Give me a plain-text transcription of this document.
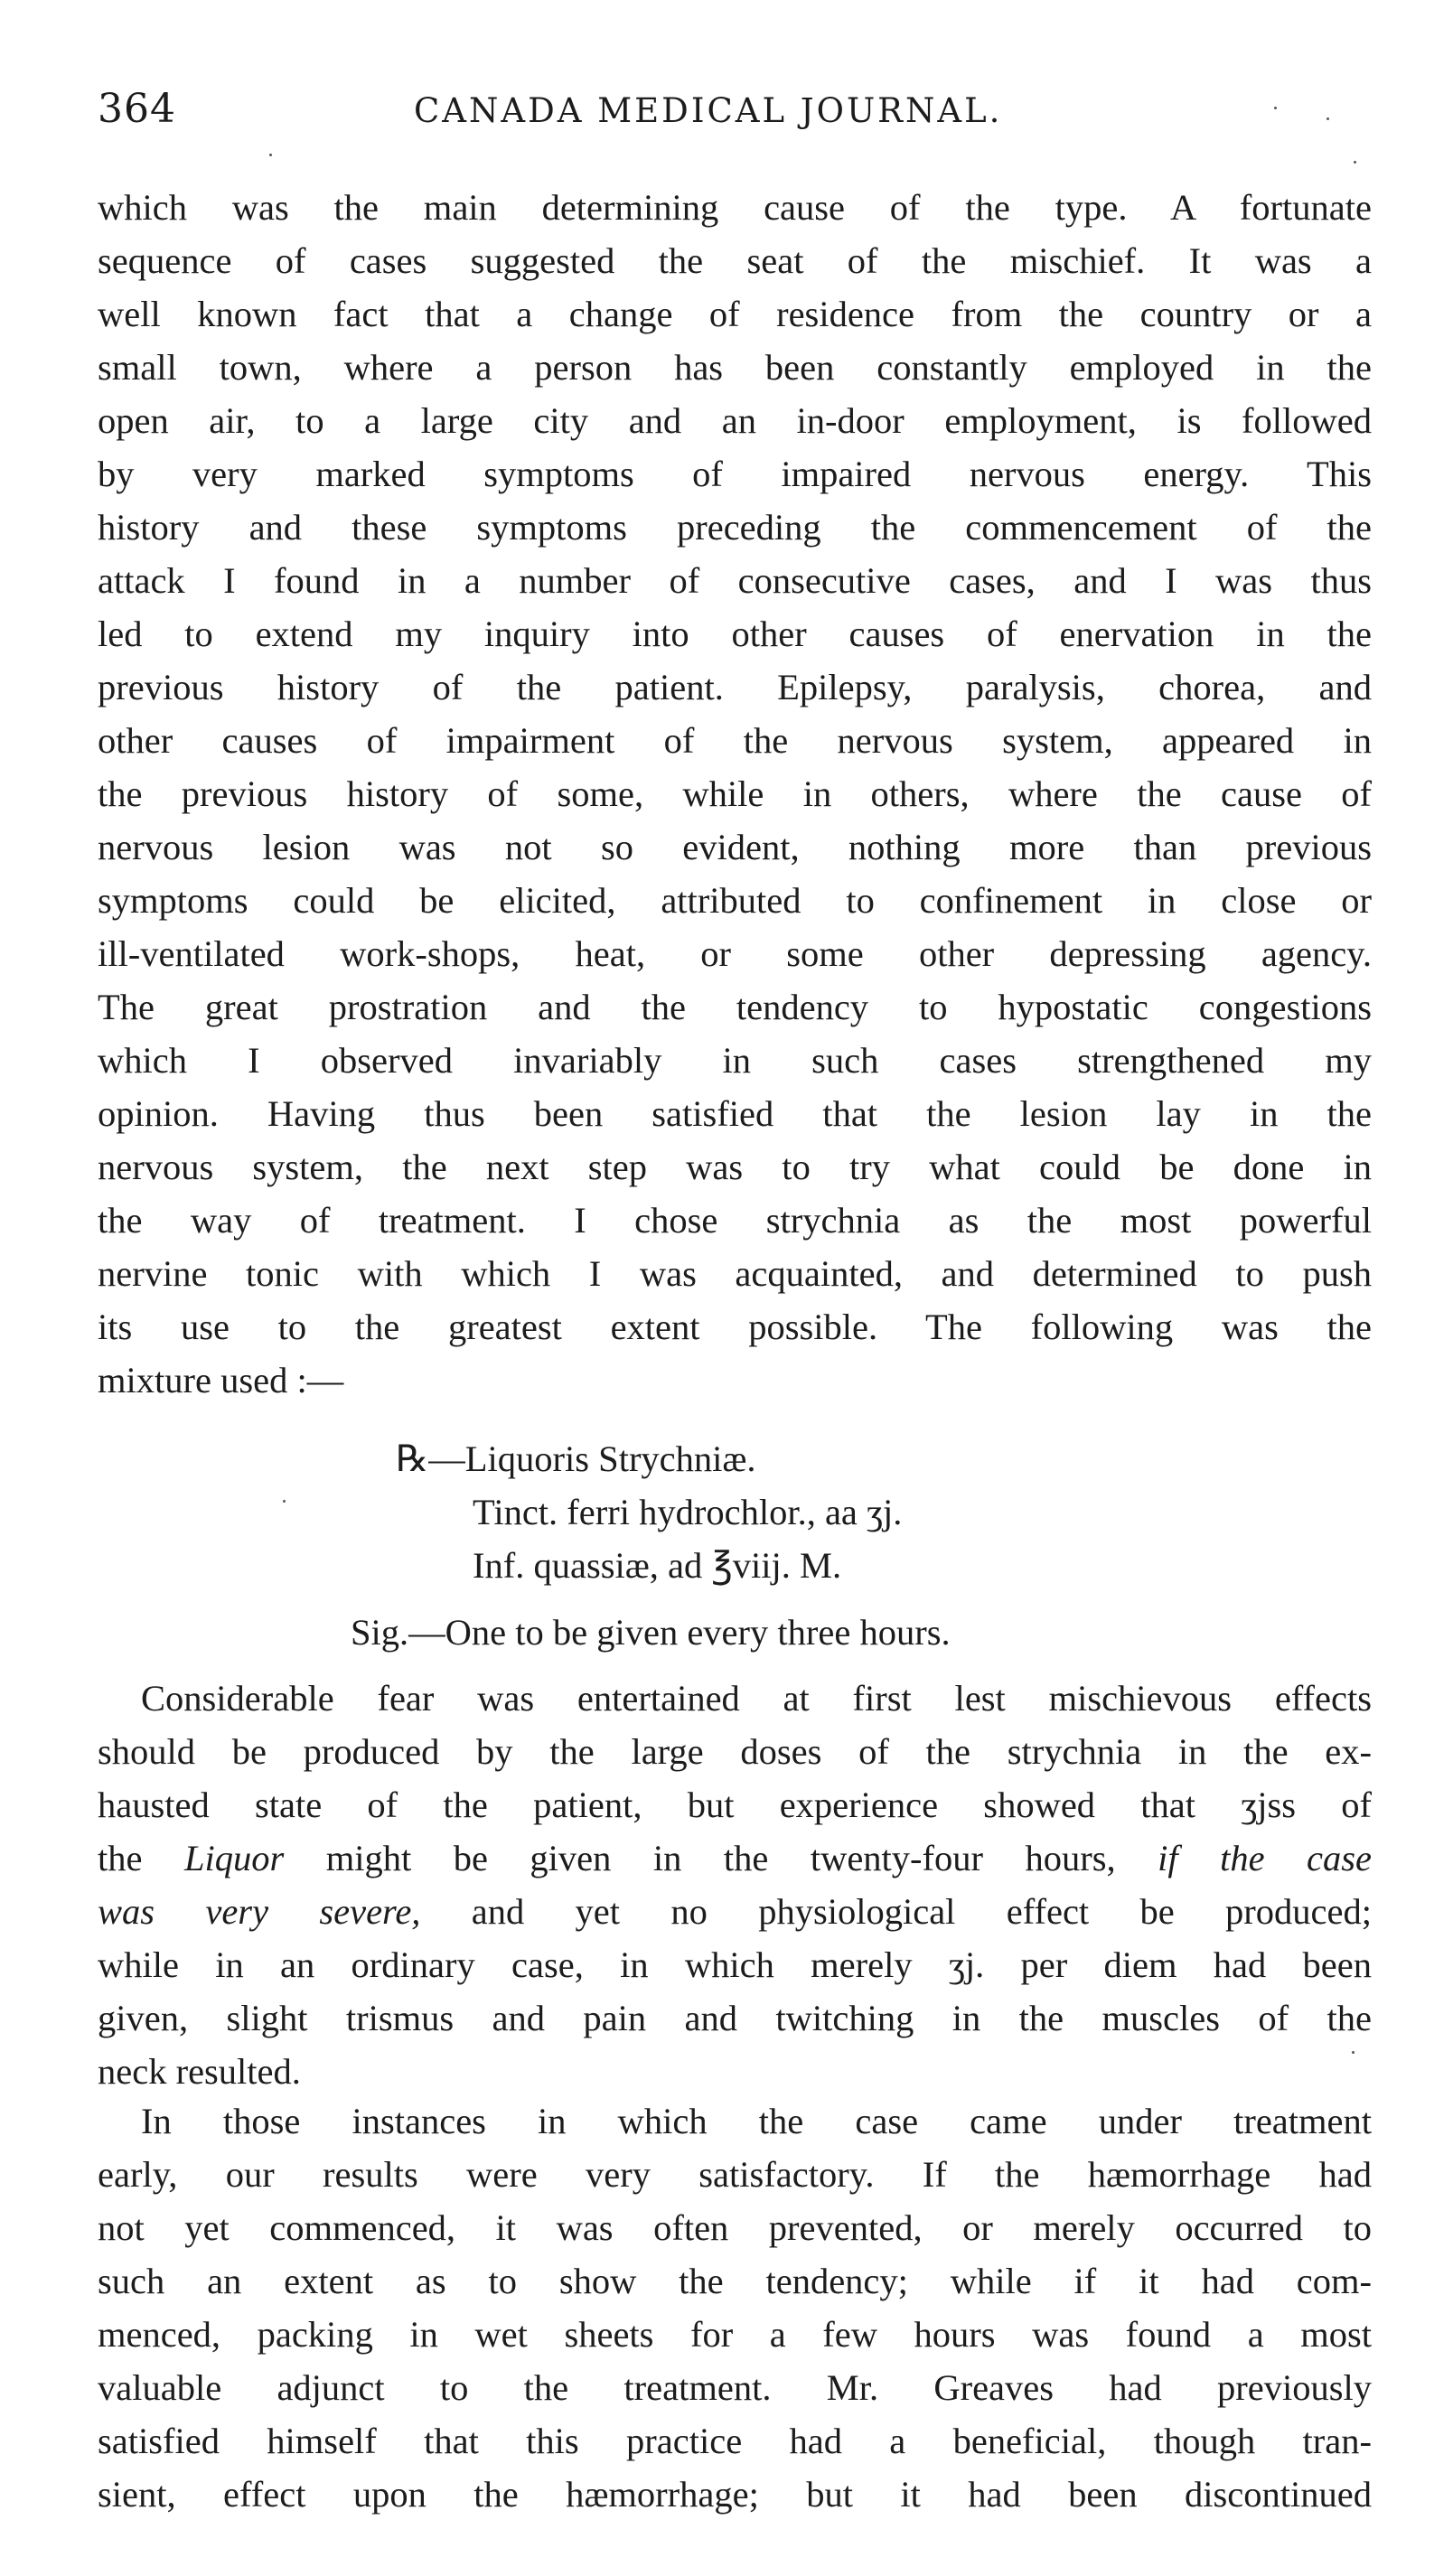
364	CANADA MEDICAL JOURNAL.
which was the main determining cause of the type. A fortunate
sequence of cases suggested the seat of the mischief. It was a
well known fact that a change of residence from the country or a
small town, where a person has been constantly employed in the
open air, to a large city and an in-door employment, is followed
by very marked symptoms of impaired nervous energy. This
history and these symptoms preceding the commencement of the
attack I found in a number of consecutive cases, and I was thus
led to extend my inquiry into other causes of enervation in the
previous history of the patient. Epilepsy, paralysis, chorea, and
other causes of impairment of the nervous system, appeared in
the previous history of some, while in others, where the cause of
nervous lesion was not so evident, nothing more than previous
symptoms could be elicited, attributed to confinement in close or
ill-ventilated work-shops, heat, or some other depressing agency.
The great prostration and the tendency to hypostatic congestions
which I observed invariably in such cases strengthened my
opinion. Having thus been satisfied that the lesion lay in the
nervous system, the next step was to try what could be done in
the way of treatment. I chose strychnia as the most powerful
nervine tonic with which I was acquainted, and determined to push
its use to the greatest extent possible. The following was the
mixture used :—
℞—Liquoris Strychniæ.
Tinct. ferri hydrochlor., aa ʒj.
Inf. quassiæ, ad ℥viij. M.
Sig.—One to be given every three hours.
Considerable fear was entertained at first lest mischievous effects
should be produced by the large doses of the strychnia in the ex-
hausted state of the patient, but experience showed that ʒjss of
the Liquor might be given in the twenty-four hours, if the case
was very severe, and yet no physiological effect be produced;
while in an ordinary case, in which merely ʒj. per diem had been
given, slight trismus and pain and twitching in the muscles of the
neck resulted.
In those instances in which the case came under treatment
early, our results were very satisfactory. If the hæmorrhage had
not yet commenced, it was often prevented, or merely occurred to
such an extent as to show the tendency; while if it had com-
menced, packing in wet sheets for a few hours was found a most
valuable adjunct to the treatment. Mr. Greaves had previously
satisfied himself that this practice had a beneficial, though tran-
sient, effect upon the hæmorrhage; but it had been discontinued
